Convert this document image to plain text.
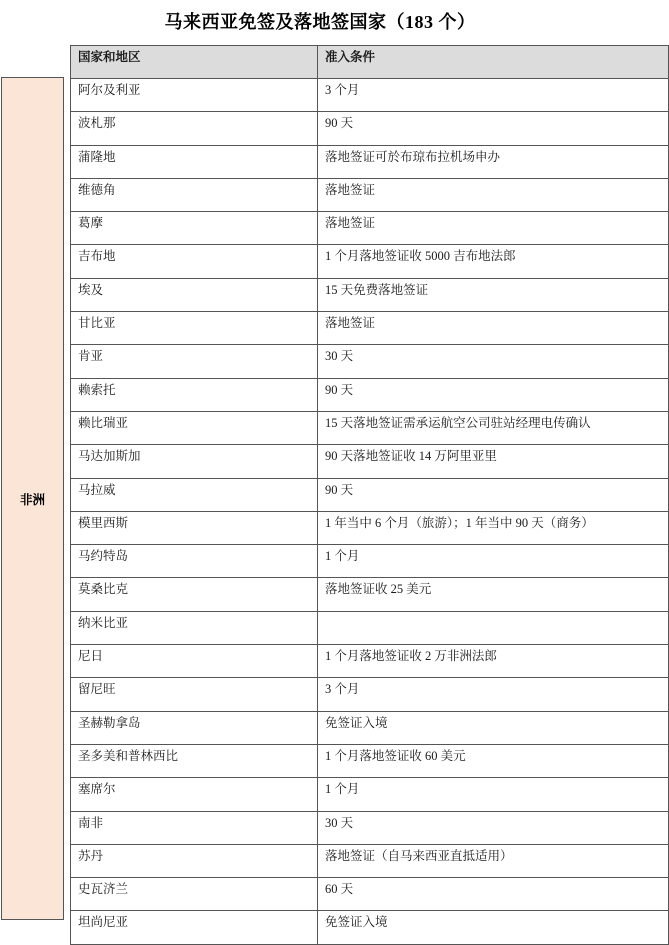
马来西亚免签及落地签国家（183 个）
非洲
国家和地区	准入条件
阿尔及利亚	3 个月
波札那	90 天
蒲隆地	落地签证可於布琼布拉机场申办
维德角	落地签证
葛摩	落地签证
吉布地	1 个月落地签证收 5000 吉布地法郎
埃及	15 天免费落地签证
甘比亚	落地签证
肯亚	30 天
赖索托	90 天
赖比瑞亚	15 天落地签证需承运航空公司驻站经理电传确认
马达加斯加	90 天落地签证收 14 万阿里亚里
马拉威	90 天
模里西斯	1 年当中 6 个月（旅游）；1 年当中 90 天（商务）
马约特岛	1 个月
莫桑比克	落地签证收 25 美元
纳米比亚	
尼日	1 个月落地签证收 2 万非洲法郎
留尼旺	3 个月
圣赫勒拿岛	免签证入境
圣多美和普林西比	1 个月落地签证收 60 美元
塞席尔	1 个月
南非	30 天
苏丹	落地签证（自马来西亚直抵适用）
史瓦济兰	60 天
坦尚尼亚	免签证入境
